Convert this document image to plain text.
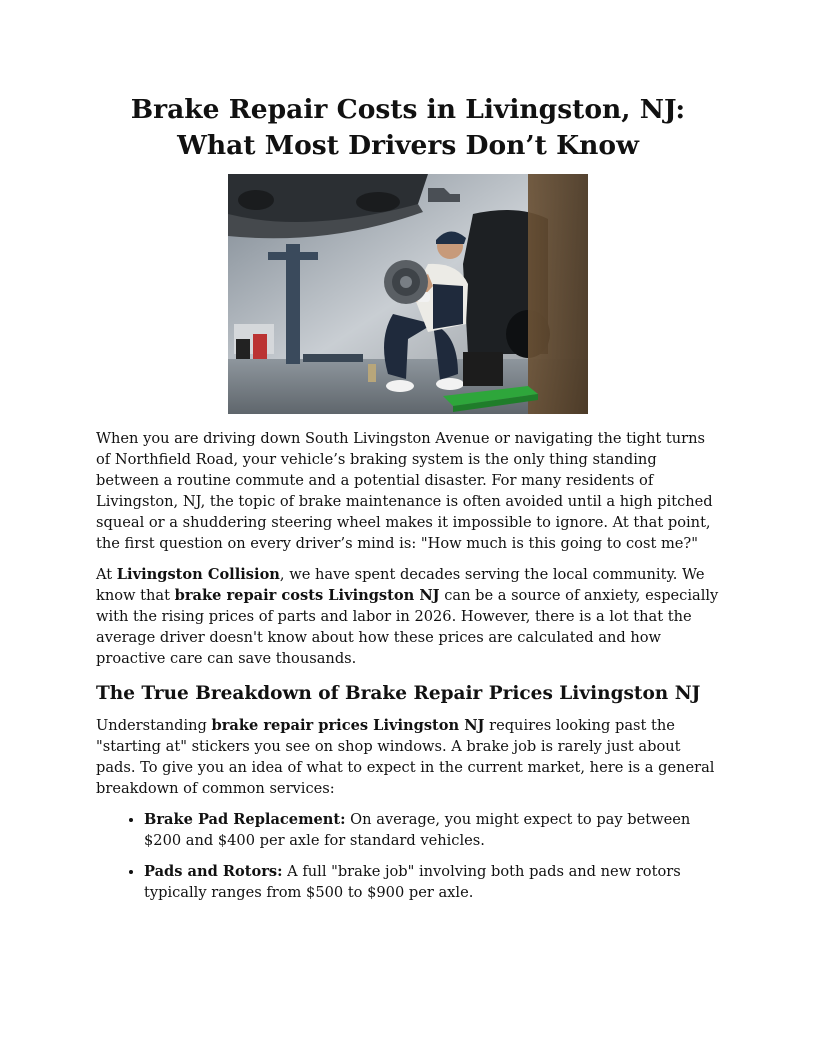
Brake Repair Costs in Livingston, NJ: What Most Drivers Don’t Know

When you are driving down South Livingston Avenue or navigating the tight turns of Northfield Road, your vehicle’s braking system is the only thing standing between a routine commute and a potential disaster. For many residents of Livingston, NJ, the topic of brake maintenance is often avoided until a high pitched squeal or a shuddering steering wheel makes it impossible to ignore. At that point, the first question on every driver’s mind is: "How much is this going to cost me?"

At Livingston Collision, we have spent decades serving the local community. We know that brake repair costs Livingston NJ can be a source of anxiety, especially with the rising prices of parts and labor in 2026. However, there is a lot that the average driver doesn't know about how these prices are calculated and how proactive care can save thousands.

The True Breakdown of Brake Repair Prices Livingston NJ

Understanding brake repair prices Livingston NJ requires looking past the "starting at" stickers you see on shop windows. A brake job is rarely just about pads. To give you an idea of what to expect in the current market, here is a general breakdown of common services:

• Brake Pad Replacement: On average, you might expect to pay between $200 and $400 per axle for standard vehicles.
• Pads and Rotors: A full "brake job" involving both pads and new rotors typically ranges from $500 to $900 per axle.
